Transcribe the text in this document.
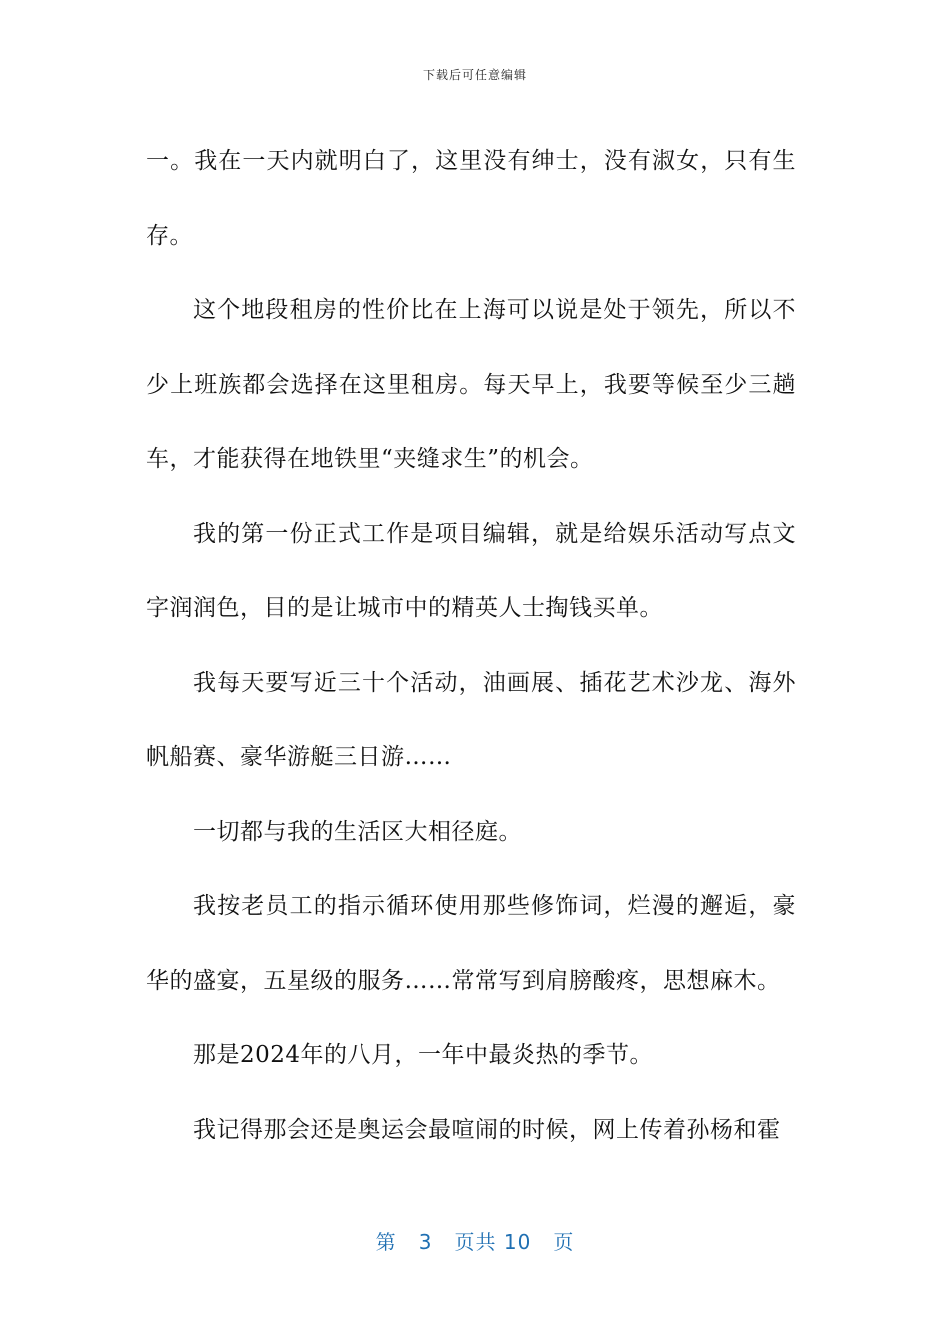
下载后可任意编辑

一。我在一天内就明白了，这里没有绅士，没有淑女，只有生存。

这个地段租房的性价比在上海可以说是处于领先，所以不少上班族都会选择在这里租房。每天早上，我要等候至少三趟车，才能获得在地铁里“夹缝求生”的机会。

我的第一份正式工作是项目编辑，就是给娱乐活动写点文字润润色，目的是让城市中的精英人士掏钱买单。

我每天要写近三十个活动，油画展、插花艺术沙龙、海外帆船赛、豪华游艇三日游……

一切都与我的生活区大相径庭。

我按老员工的指示循环使用那些修饰词，烂漫的邂逅，豪华的盛宴，五星级的服务……常常写到肩膀酸疼，思想麻木。

那是2024年的八月，一年中最炎热的季节。

我记得那会还是奥运会最喧闹的时候，网上传着孙杨和霍

第 3 页共 10 页
